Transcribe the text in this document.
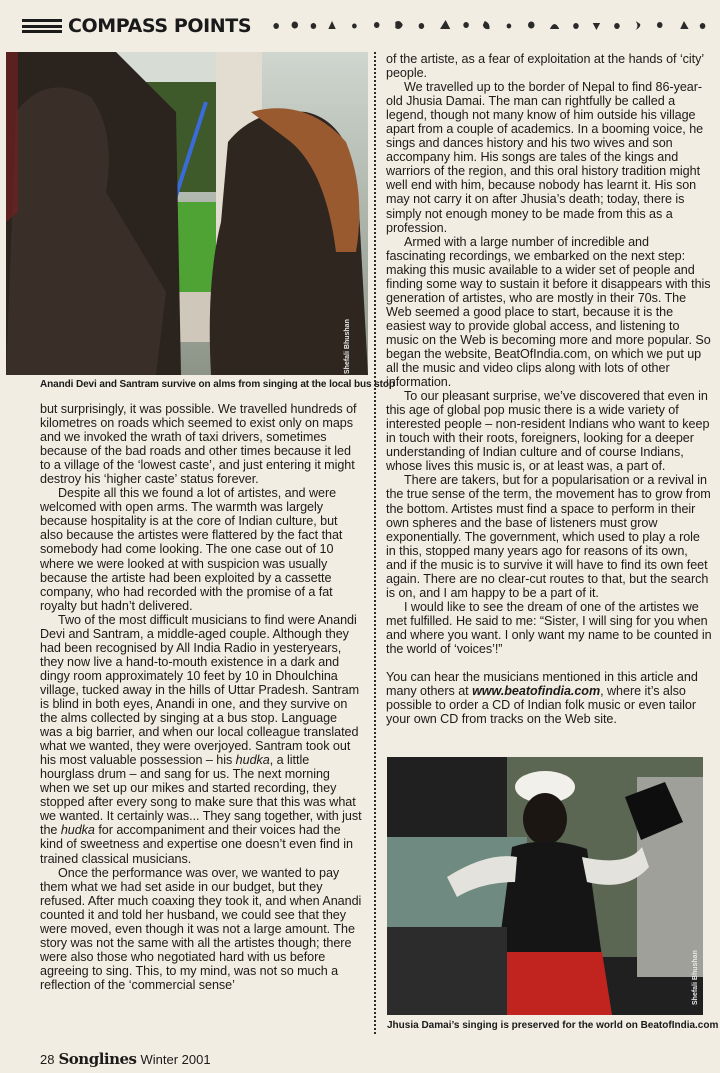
COMPASS POINTS
Shefali Bhushan
Anandi Devi and Santram survive on alms from singing at the local bus stop

but surprisingly, it was possible. We travelled hundreds of kilometres on roads which seemed to exist only on maps and we invoked the wrath of taxi drivers, sometimes because of the bad roads and other times because it led to a village of the ‘lowest caste’, and just entering it might destroy his ‘higher caste’ status forever.

Despite all this we found a lot of artistes, and were welcomed with open arms. The warmth was largely because hospitality is at the core of Indian culture, but also because the artistes were flattered by the fact that somebody had come looking. The one case out of 10 where we were looked at with suspicion was usually because the artiste had been exploited by a cassette company, who had recorded with the promise of a fat royalty but hadn’t delivered.

Two of the most difficult musicians to find were Anandi Devi and Santram, a middle-aged couple. Although they had been recognised by All India Radio in yesteryears, they now live a hand-to-mouth existence in a dark and dingy room approximately 10 feet by 10 in Dhoulchina village, tucked away in the hills of Uttar Pradesh. Santram is blind in both eyes, Anandi in one, and they survive on the alms collected by singing at a bus stop. Language was a big barrier, and when our local colleague translated what we wanted, they were overjoyed. Santram took out his most valuable possession – his hudka, a little hourglass drum – and sang for us. The next morning when we set up our mikes and started recording, they stopped after every song to make sure that this was what we wanted. It certainly was... They sang together, with just the hudka for accompaniment and their voices had the kind of sweetness and expertise one doesn’t even find in trained classical musicians.

Once the performance was over, we wanted to pay them what we had set aside in our budget, but they refused. After much coaxing they took it, and when Anandi counted it and told her husband, we could see that they were moved, even though it was not a large amount. The story was not the same with all the artistes though; there were also those who negotiated hard with us before agreeing to sing. This, to my mind, was not so much a reflection of the ‘commercial sense’

of the artiste, as a fear of exploitation at the hands of ‘city’ people.

We travelled up to the border of Nepal to find 86-year-old Jhusia Damai. The man can rightfully be called a legend, though not many know of him outside his village apart from a couple of academics. In a booming voice, he sings and dances history and his two wives and son accompany him. His songs are tales of the kings and warriors of the region, and this oral history tradition might well end with him, because nobody has learnt it. His son may not carry it on after Jhusia’s death; today, there is simply not enough money to be made from this as a profession.

Armed with a large number of incredible and fascinating recordings, we embarked on the next step: making this music available to a wider set of people and finding some way to sustain it before it disappears with this generation of artistes, who are mostly in their 70s. The Web seemed a good place to start, because it is the easiest way to provide global access, and listening to music on the Web is becoming more and more popular. So began the website, BeatOfIndia.com, on which we put up all the music and video clips along with lots of other information.

To our pleasant surprise, we’ve discovered that even in this age of global pop music there is a wide variety of interested people – non-resident Indians who want to keep in touch with their roots, foreigners, looking for a deeper understanding of Indian culture and of course Indians, whose lives this music is, or at least was, a part of.

There are takers, but for a popularisation or a revival in the true sense of the term, the movement has to grow from the bottom. Artistes must find a space to perform in their own spheres and the base of listeners must grow exponentially. The government, which used to play a role in this, stopped many years ago for reasons of its own, and if the music is to survive it will have to find its own feet again. There are no clear-cut routes to that, but the search is on, and I am happy to be a part of it.

I would like to see the dream of one of the artistes we met fulfilled. He said to me: “Sister, I will sing for you when and where you want. I only want my name to be counted in the world of ‘voices’!”

You can hear the musicians mentioned in this article and many others at www.beatofindia.com, where it’s also possible to order a CD of Indian folk music or even tailor your own CD from tracks on the Web site.

Shefali Bhushan
Jhusia Damai’s singing is preserved for the world on BeatofIndia.com
28 Songlines Winter 2001
